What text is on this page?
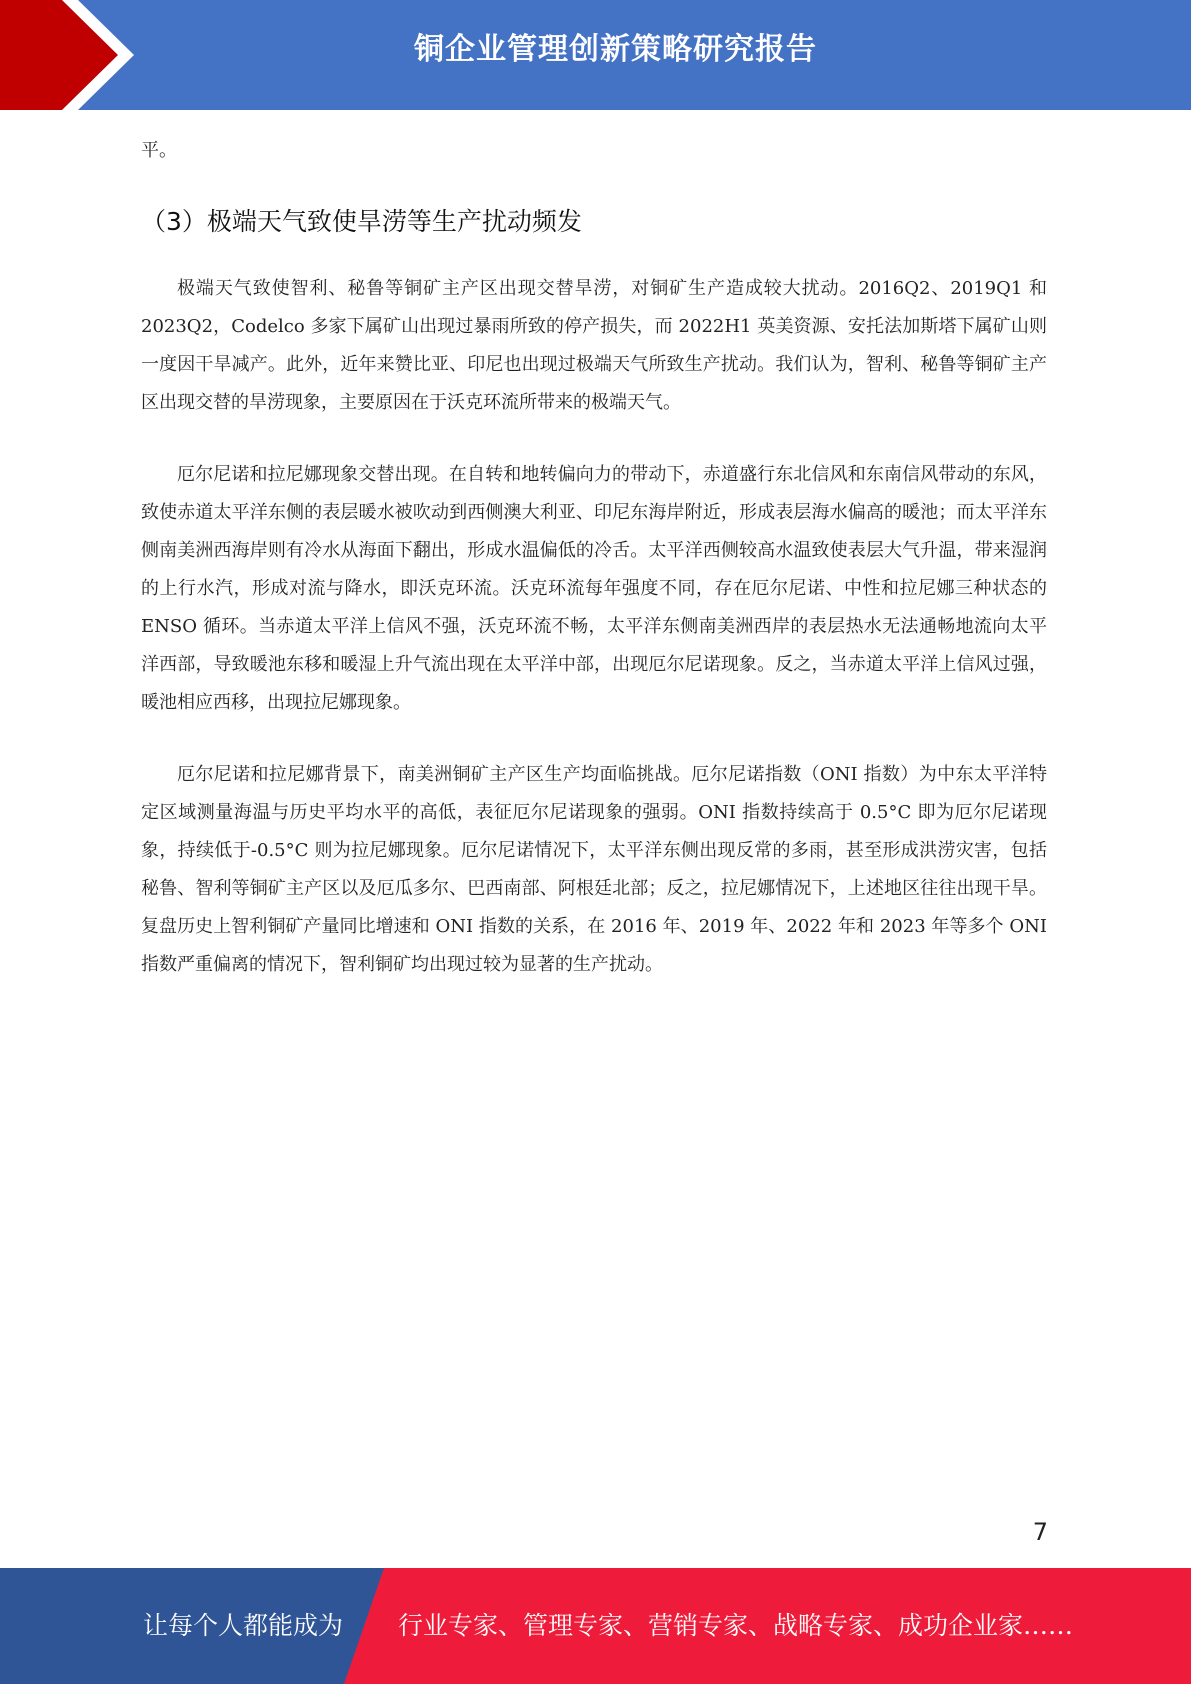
铜企业管理创新策略研究报告

平。

（3）极端天气致使旱涝等生产扰动频发

极端天气致使智利、秘鲁等铜矿主产区出现交替旱涝，对铜矿生产造成较大扰动。2016Q2、2019Q1 和 2023Q2，Codelco 多家下属矿山出现过暴雨所致的停产损失，而 2022H1 英美资源、安托法加斯塔下属矿山则一度因干旱减产。此外，近年来赞比亚、印尼也出现过极端天气所致生产扰动。我们认为，智利、秘鲁等铜矿主产区出现交替的旱涝现象，主要原因在于沃克环流所带来的极端天气。

厄尔尼诺和拉尼娜现象交替出现。在自转和地转偏向力的带动下，赤道盛行东北信风和东南信风带动的东风，致使赤道太平洋东侧的表层暖水被吹动到西侧澳大利亚、印尼东海岸附近，形成表层海水偏高的暖池；而太平洋东侧南美洲西海岸则有冷水从海面下翻出，形成水温偏低的冷舌。太平洋西侧较高水温致使表层大气升温，带来湿润的上行水汽，形成对流与降水，即沃克环流。沃克环流每年强度不同，存在厄尔尼诺、中性和拉尼娜三种状态的 ENSO 循环。当赤道太平洋上信风不强，沃克环流不畅，太平洋东侧南美洲西岸的表层热水无法通畅地流向太平洋西部，导致暖池东移和暖湿上升气流出现在太平洋中部，出现厄尔尼诺现象。反之，当赤道太平洋上信风过强，暖池相应西移，出现拉尼娜现象。

厄尔尼诺和拉尼娜背景下，南美洲铜矿主产区生产均面临挑战。厄尔尼诺指数（ONI 指数）为中东太平洋特定区域测量海温与历史平均水平的高低，表征厄尔尼诺现象的强弱。ONI 指数持续高于 0.5°C 即为厄尔尼诺现象，持续低于-0.5°C 则为拉尼娜现象。厄尔尼诺情况下，太平洋东侧出现反常的多雨，甚至形成洪涝灾害，包括秘鲁、智利等铜矿主产区以及厄瓜多尔、巴西南部、阿根廷北部；反之，拉尼娜情况下，上述地区往往出现干旱。复盘历史上智利铜矿产量同比增速和 ONI 指数的关系，在 2016 年、2019 年、2022 年和 2023 年等多个 ONI 指数严重偏离的情况下，智利铜矿均出现过较为显著的生产扰动。

7
让每个人都能成为 行业专家、管理专家、营销专家、战略专家、成功企业家……
